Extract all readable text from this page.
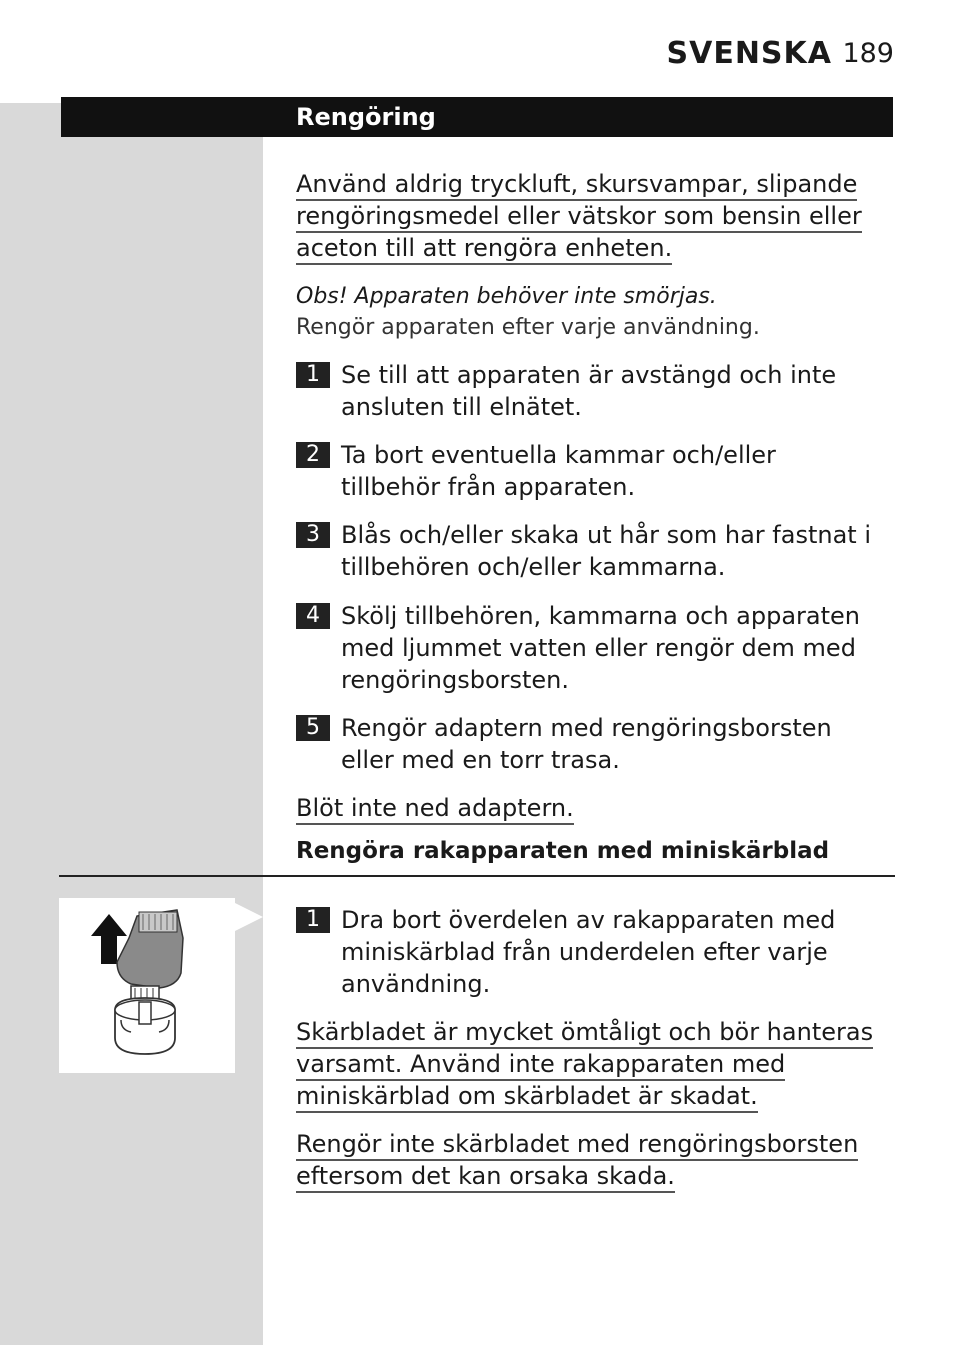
SVENSKA 189
Rengöring
Använd aldrig tryckluft, skursvampar, slipande
rengöringsmedel eller vätskor som bensin eller
aceton till att rengöra enheten.
Obs! Apparaten behöver inte smörjas.
Rengör apparaten efter varje användning.
1 Se till att apparaten är avstängd och inte ansluten till elnätet.
2 Ta bort eventuella kammar och/eller tillbehör från apparaten.
3 Blås och/eller skaka ut hår som har fastnat i tillbehören och/eller kammarna.
4 Skölj tillbehören, kammarna och apparaten med ljummet vatten eller rengör dem med rengöringsborsten.
5 Rengör adaptern med rengöringsborsten eller med en torr trasa.
Blöt inte ned adaptern.
Rengöra rakapparaten med miniskärblad
1 Dra bort överdelen av rakapparaten med miniskärblad från underdelen efter varje användning.
Skärbladet är mycket ömtåligt och bör hanteras
varsamt. Använd inte rakapparaten med
miniskärblad om skärbladet är skadat.
Rengör inte skärbladet med rengöringsborsten
eftersom det kan orsaka skada.
